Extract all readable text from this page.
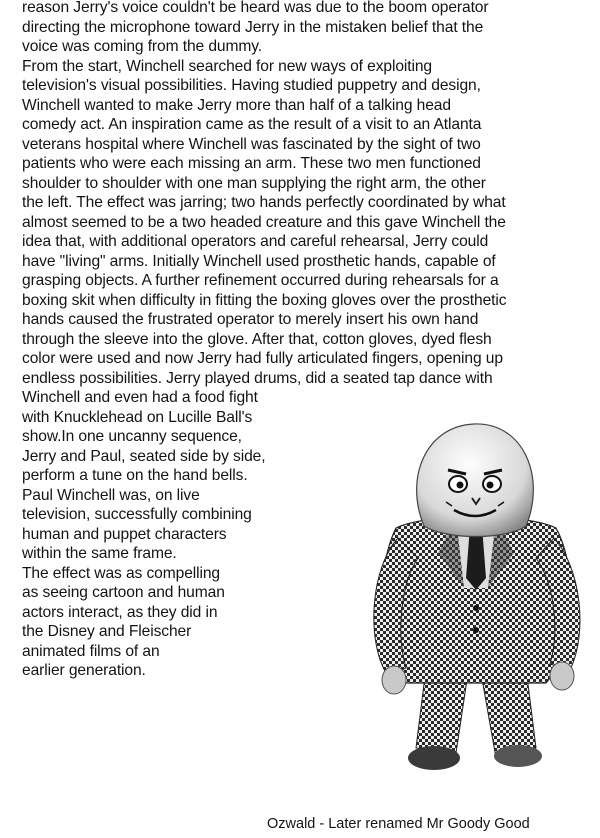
reason Jerry's voice couldn't be heard was due to the boom operator
directing the microphone toward Jerry in the mistaken belief that the
voice was coming from the dummy.
From the start, Winchell searched for new ways of exploiting
television's visual possibilities. Having studied puppetry and design,
Winchell wanted to make Jerry more than half of a talking head
comedy act. An inspiration came as the result of a visit to an Atlanta
veterans hospital where Winchell was fascinated by the sight of two
patients who were each missing an arm. These two men functioned
shoulder to shoulder with one man supplying the right arm, the other
the left. The effect was jarring; two hands perfectly coordinated by what
almost seemed to be a two headed creature and this gave Winchell the
idea that, with additional operators and careful rehearsal, Jerry could
have "living" arms. Initially Winchell used prosthetic hands, capable of
grasping objects. A further refinement occurred during rehearsals for a
boxing skit when difficulty in fitting the boxing gloves over the prosthetic
hands caused the frustrated operator to merely insert his own hand
through the sleeve into the glove. After that, cotton gloves, dyed flesh
color were used and now Jerry had fully articulated fingers, opening up
endless possibilities. Jerry played drums, did a seated tap dance with
Winchell and even had a food fight
with Knucklehead on Lucille Ball's
show.In one uncanny sequence,
Jerry and Paul, seated side by side,
perform a tune on the hand bells.
Paul Winchell was, on live
television, successfully combining
human and puppet characters
within the same frame.
The effect was as compelling
as seeing cartoon and human
actors interact, as they did in
the Disney and Fleischer
animated films of an
earlier generation.
Ozwald - Later renamed Mr Goody Good
